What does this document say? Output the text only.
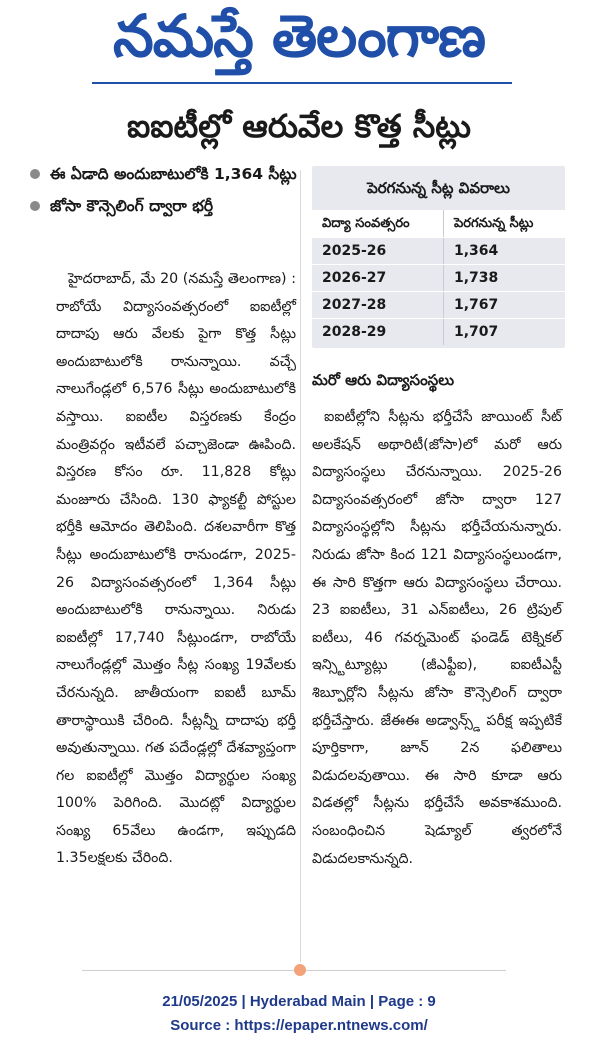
నమస్తే తెలంగాణ
ఐఐటీల్లో ఆరువేల కొత్త సీట్లు
ఈ ఏడాది అందుబాటులోకి 1,364 సీట్లు
జోసా కౌన్సెలింగ్ ద్వారా భర్తీ

హైదరాబాద్, మే 20 (నమస్తే తెలంగాణ) : రాబోయే విద్యాసంవత్సరంలో ఐఐటీల్లో దాదాపు ఆరు వేలకు పైగా కొత్త సీట్లు అందుబాటులోకి రానున్నాయి. వచ్చే నాలుగేండ్లలో 6,576 సీట్లు అందుబాటులోకి వస్తాయి. ఐఐటీల విస్తరణకు కేంద్రం మంత్రివర్గం ఇటీవలే పచ్చాజెండా ఊపింది. విస్తరణ కోసం రూ. 11,828 కోట్లు మంజూరు చేసింది. 130 ఫ్యాకల్టీ పోస్టుల భర్తీకి ఆమోదం తెలిపింది. దశలవారీగా కొత్త సీట్లు అందుబాటులోకి రానుండగా, 2025-26 విద్యాసంవత్సరంలో 1,364 సీట్లు అందుబాటులోకి రానున్నాయి. నిరుడు ఐఐటీల్లో 17,740 సీట్లుండగా, రాబోయే నాలుగేండ్లల్లో మొత్తం సీట్ల సంఖ్య 19వేలకు చేరనున్నది. జాతీయంగా ఐఐటీ బూమ్ తారాస్థాయికి చేరింది. సీట్లన్నీ దాదాపు భర్తీ అవుతున్నాయి. గత పదేండ్లల్లో దేశవ్యాప్తంగా గల ఐఐటీల్లో మొత్తం విద్యార్థుల సంఖ్య 100% పెరిగింది. మొదట్లో విద్యార్థుల సంఖ్య 65వేలు ఉండగా, ఇప్పుడది 1.35లక్షలకు చేరింది.

పెరగనున్న సీట్ల వివరాలు
విద్యా సంవత్సరం	పెరగనున్న సీట్లు
2025-26	1,364
2026-27	1,738
2027-28	1,767
2028-29	1,707
మరో ఆరు విద్యాసంస్థలు

ఐఐటీల్లోని సీట్లను భర్తీచేసే జాయింట్ సీట్ అలకేషన్ అథారిటీ(జోసా)లో మరో ఆరు విద్యాసంస్థలు చేరనున్నాయి. 2025-26 విద్యాసంవత్సరంలో జోసా ద్వారా 127 విద్యాసంస్థల్లోని సీట్లను భర్తీచేయనున్నారు. నిరుడు జోసా కింద 121 విద్యాసంస్థలుండగా, ఈ సారి కొత్తగా ఆరు విద్యాసంస్థలు చేరాయి. 23 ఐఐటీలు, 31 ఎన్ఐటీలు, 26 ట్రిపుల్ ఐటీలు, 46 గవర్నమెంట్ ఫండెడ్ టెక్నికల్ ఇన్స్టిట్యూట్లు (జీఎఫ్టీఐ), ఐఐటీఎస్టీ శిబ్పూర్లోని సీట్లను జోసా కౌన్సెలింగ్ ద్వారా భర్తీచేస్తారు. జేఈఈ అడ్వాన్స్డ్ పరీక్ష ఇప్పటికే పూర్తికాగా, జూన్ 2న ఫలితాలు విడుదలవుతాయి. ఈ సారి కూడా ఆరు విడతల్లో సీట్లను భర్తీచేసే అవకాశముంది. సంబంధించిన షెడ్యూల్ త్వరలోనే విడుదలకానున్నది.

21/05/2025 | Hyderabad Main | Page : 9
Source : https://epaper.ntnews.com/
